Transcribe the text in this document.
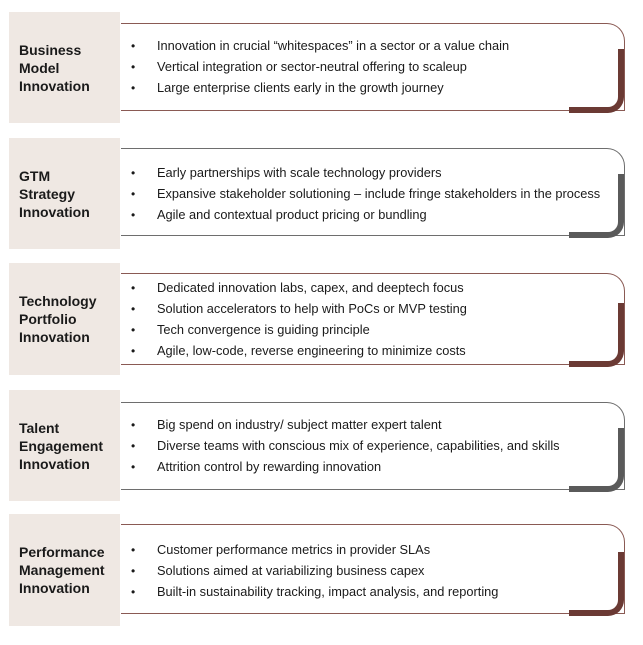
Business
Model
Innovation
• Innovation in crucial “whitespaces” in a sector or a value chain
• Vertical integration or sector-neutral offering to scaleup
• Large enterprise clients early in the growth journey
GTM
Strategy
Innovation
• Early partnerships with scale technology providers
• Expansive stakeholder solutioning – include fringe stakeholders in the process
• Agile and contextual product pricing or bundling
Technology
Portfolio
Innovation
• Dedicated innovation labs, capex, and deeptech focus
• Solution accelerators to help with PoCs or MVP testing
• Tech convergence is guiding principle
• Agile, low-code, reverse engineering to minimize costs
Talent
Engagement
Innovation
• Big spend on industry/ subject matter expert talent
• Diverse teams with conscious mix of experience, capabilities, and skills
• Attrition control by rewarding innovation
Performance
Management
Innovation
• Customer performance metrics in provider SLAs
• Solutions aimed at variabilizing business capex
• Built-in sustainability tracking, impact analysis, and reporting
